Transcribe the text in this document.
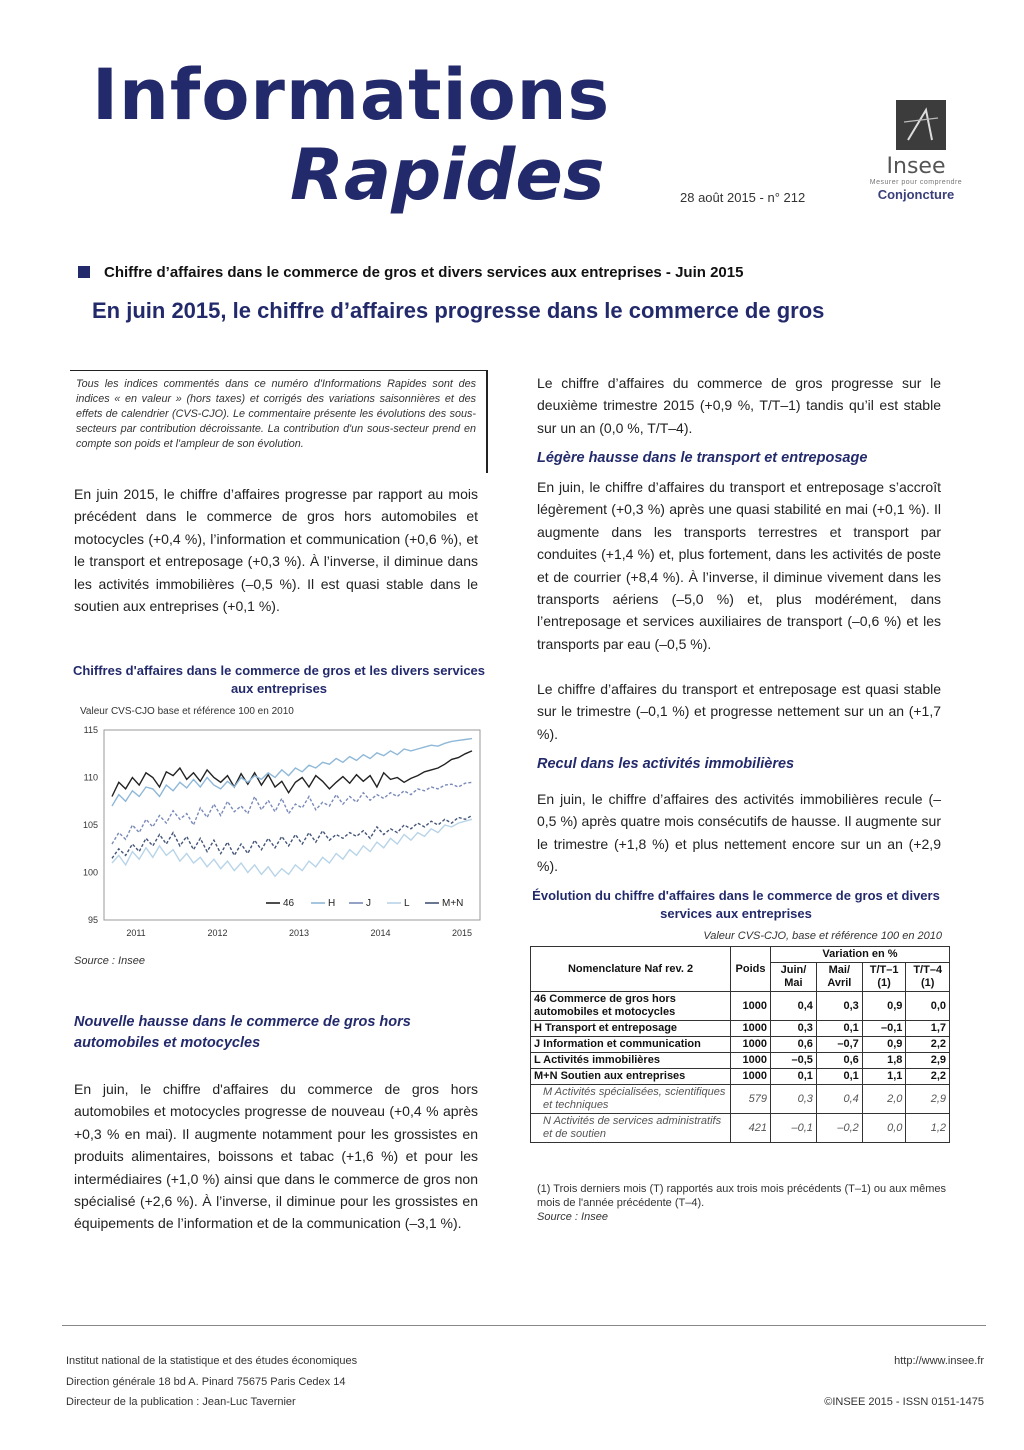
Informations
Rapides	28 août 2015 - n° 212
Insee
Mesurer pour comprendre
Conjoncture
Chiffre d’affaires dans le commerce de gros et divers services aux entreprises - Juin 2015
En juin 2015, le chiffre d’affaires progresse dans le commerce de gros
Tous les indices commentés dans ce numéro d'Informations Rapides sont des indices « en valeur » (hors taxes) et corrigés des variations saisonnières et des effets de calendrier (CVS-CJO). Le commentaire présente les évolutions des sous-secteurs par contribution décroissante. La contribution d'un sous-secteur prend en compte son poids et l'ampleur de son évolution.

En juin 2015, le chiffre d’affaires progresse par rapport au mois précédent dans le commerce de gros hors automobiles et motocycles (+0,4 %), l’information et communication (+0,6 %), et le transport et entreposage (+0,3 %). À l’inverse, il diminue dans les activités immobilières (–0,5 %). Il est quasi stable dans le soutien aux entreprises (+0,1 %).

Chiffres d'affaires dans le commerce de gros et les divers services aux entreprises
Valeur CVS-CJO base et référence 100 en 2010
115
110
105
100
95
2011	2012	2013	2014	2015
46	H	J	L	M+N
Source : Insee
Nouvelle hausse dans le commerce de gros hors automobiles et motocycles

En juin, le chiffre d'affaires du commerce de gros hors automobiles et motocycles progresse de nouveau (+0,4 % après +0,3 % en mai). Il augmente notamment pour les grossistes en produits alimentaires, boissons et tabac (+1,6 %) et pour les intermédiaires (+1,0 %) ainsi que dans le commerce de gros non spécialisé (+2,6 %). À l’inverse, il diminue pour les grossistes en équipements de l’information et de la communication (–3,1 %).

Le chiffre d’affaires du commerce de gros progresse sur le deuxième trimestre 2015 (+0,9 %, T/T–1) tandis qu’il est stable sur un an (0,0 %, T/T–4).

Légère hausse dans le transport et entreposage

En juin, le chiffre d’affaires du transport et entreposage s’accroît légèrement (+0,3 %) après une quasi stabilité en mai (+0,1 %). Il augmente dans les transports terrestres et transport par conduites (+1,4 %) et, plus fortement, dans les activités de poste et de courrier (+8,4 %). À l’inverse, il diminue vivement dans les transports aériens (–5,0 %) et, plus modérément, dans l’entreposage et services auxiliaires de transport (–0,6 %) et les transports par eau (–0,5 %).

Le chiffre d’affaires du transport et entreposage est quasi stable sur le trimestre (–0,1 %) et progresse nettement sur un an (+1,7 %).

Recul dans les activités immobilières

En juin, le chiffre d’affaires des activités immobilières recule (–0,5 %) après quatre mois consécutifs de hausse. Il augmente sur le trimestre (+1,8 %) et plus nettement encore sur un an (+2,9 %).

Évolution du chiffre d'affaires dans le commerce de gros et divers services aux entreprises
Valeur CVS-CJO, base et référence 100 en 2010
Nomenclature Naf rev. 2	Poids	Variation en %			
		Juin/ Mai	Mai/ Avril	T/T–1 (1)	T/T–4 (1)
46 Commerce de gros hors automobiles et motocycles	1000	0,4	0,3	0,9	0,0
H Transport et entreposage	1000	0,3	0,1	–0,1	1,7
J Information et communication	1000	0,6	–0,7	0,9	2,2
L Activités immobilières	1000	–0,5	0,6	1,8	2,9
M+N Soutien aux entreprises	1000	0,1	0,1	1,1	2,2
M Activités spécialisées, scientifiques et techniques	579	0,3	0,4	2,0	2,9
N Activités de services administratifs et de soutien	421	–0,1	–0,2	0,0	1,2
(1) Trois derniers mois (T) rapportés aux trois mois précédents (T–1) ou aux mêmes mois de l'année précédente (T–4).
Source : Insee
Institut national de la statistique et des études économiques
Direction générale 18 bd A. Pinard 75675 Paris Cedex 14
Directeur de la publication : Jean-Luc Tavernier
http://www.insee.fr
©INSEE 2015 - ISSN 0151-1475
